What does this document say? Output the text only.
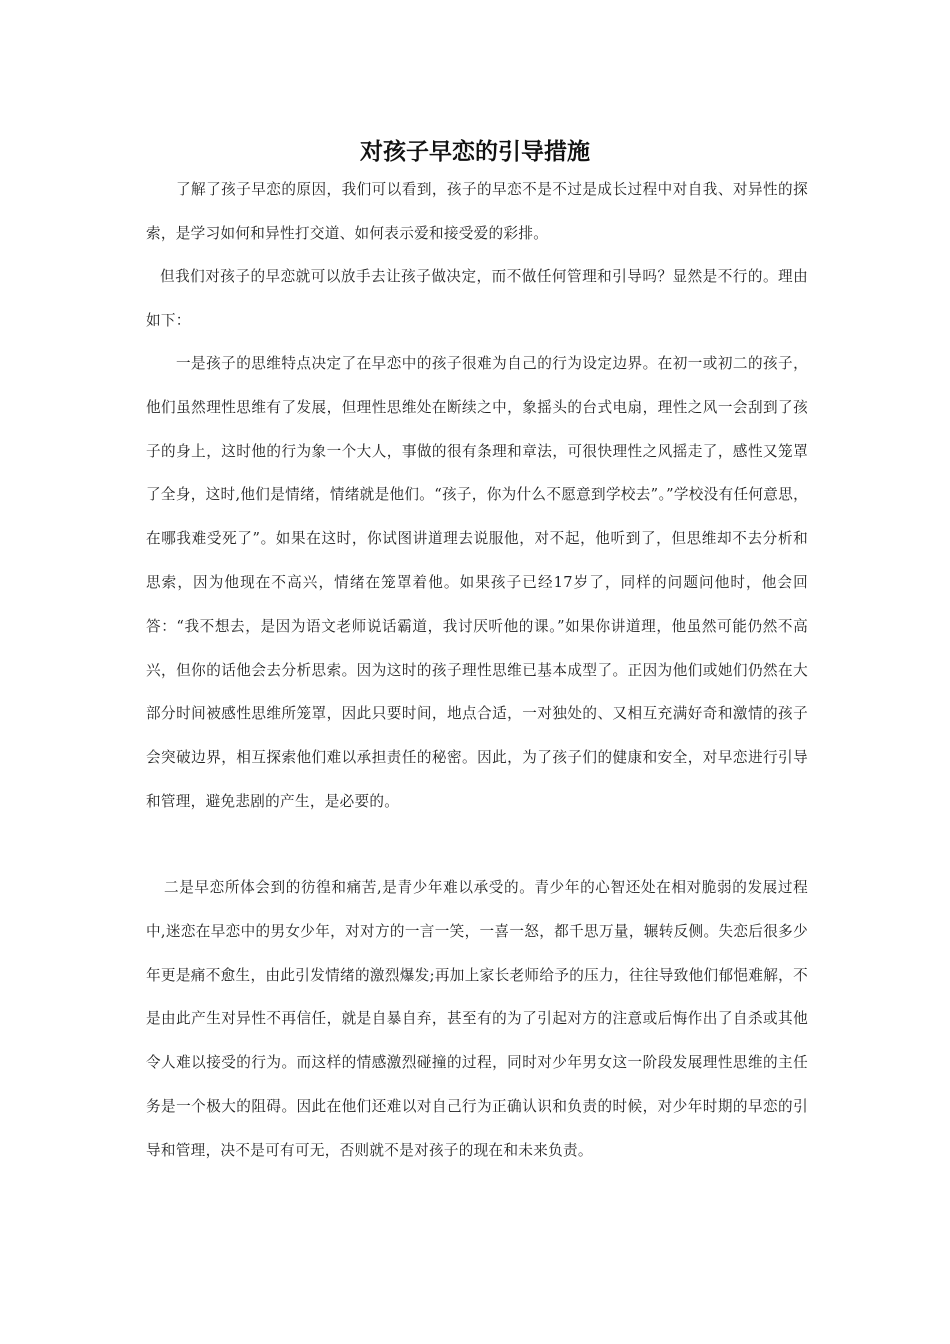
对孩子早恋的引导措施

了解了孩子早恋的原因，我们可以看到，孩子的早恋不是不过是成长过程中对自我、对异性的探索，是学习如何和异性打交道、如何表示爱和接受爱的彩排。

但我们对孩子的早恋就可以放手去让孩子做决定，而不做任何管理和引导吗？显然是不行的。理由如下：

一是孩子的思维特点决定了在早恋中的孩子很难为自己的行为设定边界。在初一或初二的孩子，他们虽然理性思维有了发展，但理性思维处在断续之中，象摇头的台式电扇，理性之风一会刮到了孩子的身上，这时他的行为象一个大人，事做的很有条理和章法，可很快理性之风摇走了，感性又笼罩了全身，这时,他们是情绪，情绪就是他们。“孩子，你为什么不愿意到学校去”。”学校没有任何意思，在哪我难受死了”。如果在这时，你试图讲道理去说服他，对不起，他听到了，但思维却不去分析和思索，因为他现在不高兴，情绪在笼罩着他。如果孩子已经17岁了，同样的问题问他时，他会回答：“我不想去，是因为语文老师说话霸道，我讨厌听他的课。”如果你讲道理，他虽然可能仍然不高兴，但你的话他会去分析思索。因为这时的孩子理性思维已基本成型了。正因为他们或她们仍然在大部分时间被感性思维所笼罩，因此只要时间，地点合适，一对独处的、又相互充满好奇和激情的孩子会突破边界，相互探索他们难以承担责任的秘密。因此，为了孩子们的健康和安全，对早恋进行引导和管理，避免悲剧的产生，是必要的。

二是早恋所体会到的彷徨和痛苦,是青少年难以承受的。青少年的心智还处在相对脆弱的发展过程中,迷恋在早恋中的男女少年，对对方的一言一笑，一喜一怒，都千思万量，辗转反侧。失恋后很多少年更是痛不愈生，由此引发情绪的激烈爆发;再加上家长老师给予的压力，往往导致他们郁悒难解，不是由此产生对异性不再信任，就是自暴自弃，甚至有的为了引起对方的注意或后悔作出了自杀或其他令人难以接受的行为。而这样的情感激烈碰撞的过程，同时对少年男女这一阶段发展理性思维的主任务是一个极大的阻碍。因此在他们还难以对自己行为正确认识和负责的时候，对少年时期的早恋的引导和管理，决不是可有可无，否则就不是对孩子的现在和未来负责。
